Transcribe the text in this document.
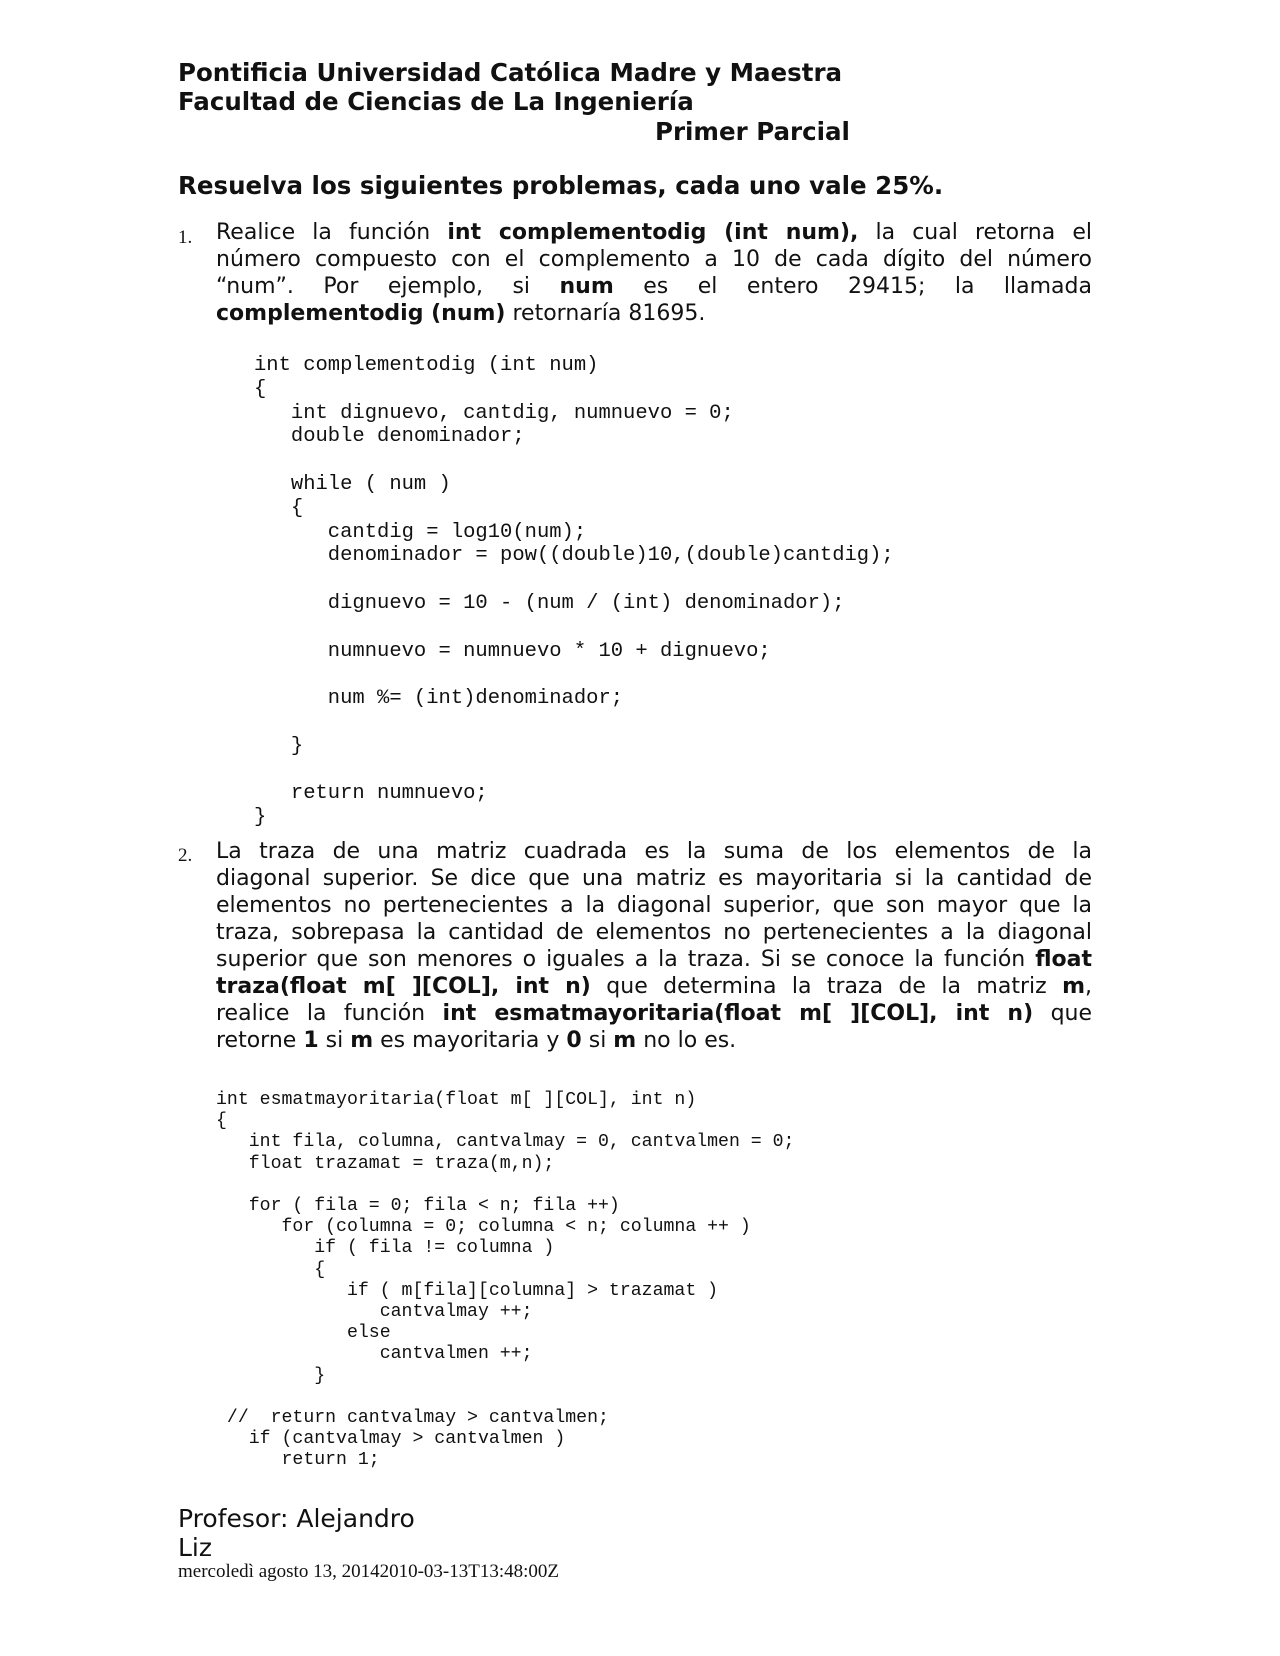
Pontificia Universidad Católica Madre y Maestra
Facultad de Ciencias de La Ingeniería
Primer Parcial
Resuelva los siguientes problemas, cada uno vale 25%.
1. Realice la función int complementodig (int num), la cual retorna el
número compuesto con el complemento a 10 de cada dígito del número
“num”. Por ejemplo, si num es el entero 29415; la llamada
complementodig (num) retornaría 81695.
int complementodig (int num)
{
int dignuevo, cantdig, numnuevo = 0;
double denominador;

while ( num )
{
cantdig = log10(num);
denominador = pow((double)10,(double)cantdig);

dignuevo = 10 - (num / (int) denominador);

numnuevo = numnuevo * 10 + dignuevo;

num %= (int)denominador;

}

return numnuevo;
}
2. La traza de una matriz cuadrada es la suma de los elementos de la
diagonal superior. Se dice que una matriz es mayoritaria si la cantidad de
elementos no pertenecientes a la diagonal superior, que son mayor que la
traza, sobrepasa la cantidad de elementos no pertenecientes a la diagonal
superior que son menores o iguales a la traza. Si se conoce la función float
traza(float m[ ][COL], int n) que determina la traza de la matriz m,
realice la función int esmatmayoritaria(float m[ ][COL], int n) que
retorne 1 si m es mayoritaria y 0 si m no lo es.
int esmatmayoritaria(float m[ ][COL], int n)
{
int fila, columna, cantvalmay = 0, cantvalmen = 0;
float trazamat = traza(m,n);

for ( fila = 0; fila < n; fila ++)
for (columna = 0; columna < n; columna ++ )
if ( fila != columna )
{
if ( m[fila][columna] > trazamat )
cantvalmay ++;
else
cantvalmen ++;
}

//  return cantvalmay > cantvalmen;
if (cantvalmay > cantvalmen )
return 1;
Profesor: Alejandro
Liz
mercoledì agosto 13, 20142010-03-13T13:48:00Z
